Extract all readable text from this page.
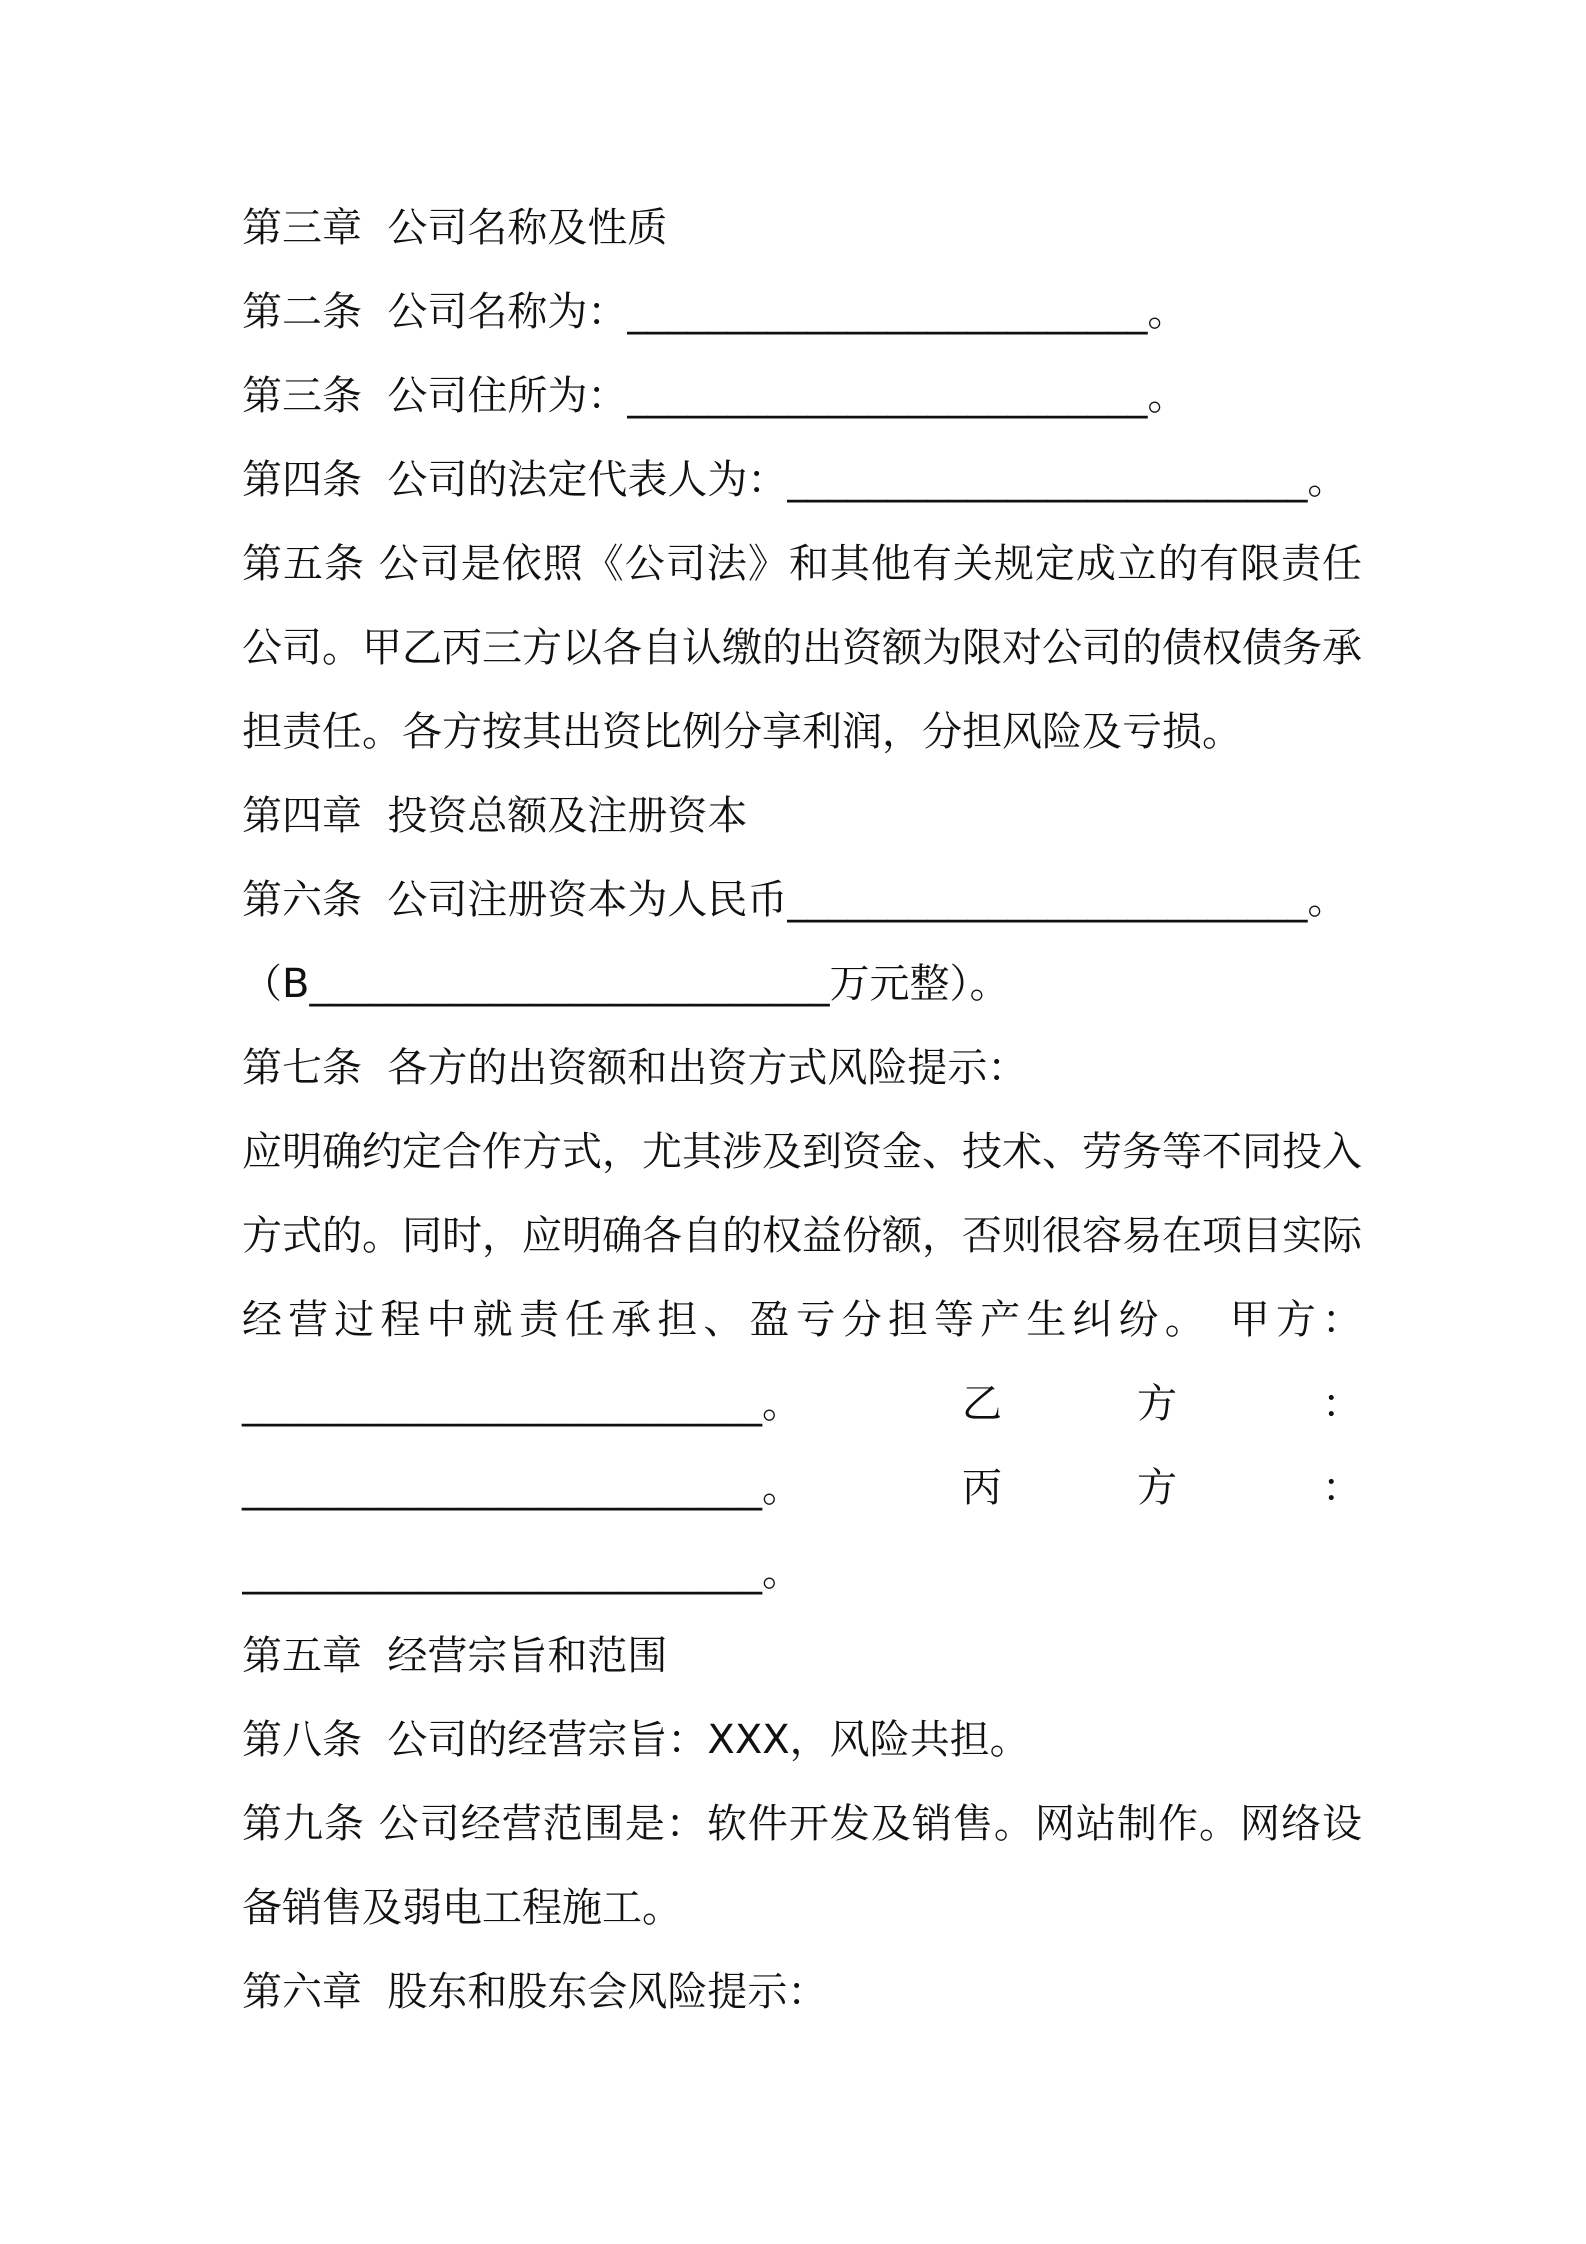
第三章  公司名称及性质
第二条  公司名称为：__________________________。
第三条  公司住所为：__________________________。
第四条  公司的法定代表人为：__________________________。
第五条 公司是依照《公司法》和其他有关规定成立的有限责任
公司。甲乙丙三方以各自认缴的出资额为限对公司的债权债务承
担责任。各方按其出资比例分享利润，分担风险及亏损。
第四章  投资总额及注册资本
第六条  公司注册资本为人民币__________________________。
（B__________________________万元整）。
第七条  各方的出资额和出资方式风险提示：
应明确约定合作方式，尤其涉及到资金、技术、劳务等不同投入
方式的。同时，应明确各自的权益份额，否则很容易在项目实际
经营过程中就责任承担、盈亏分担等产生纠纷。 甲方：

__________________________。

	乙

	方

	：

__________________________。

	丙

	方

	：

__________________________。
第五章  经营宗旨和范围
第八条  公司的经营宗旨：XXX，风险共担。
第九条 公司经营范围是：软件开发及销售。网站制作。网络设
备销售及弱电工程施工。
第六章  股东和股东会风险提示：
